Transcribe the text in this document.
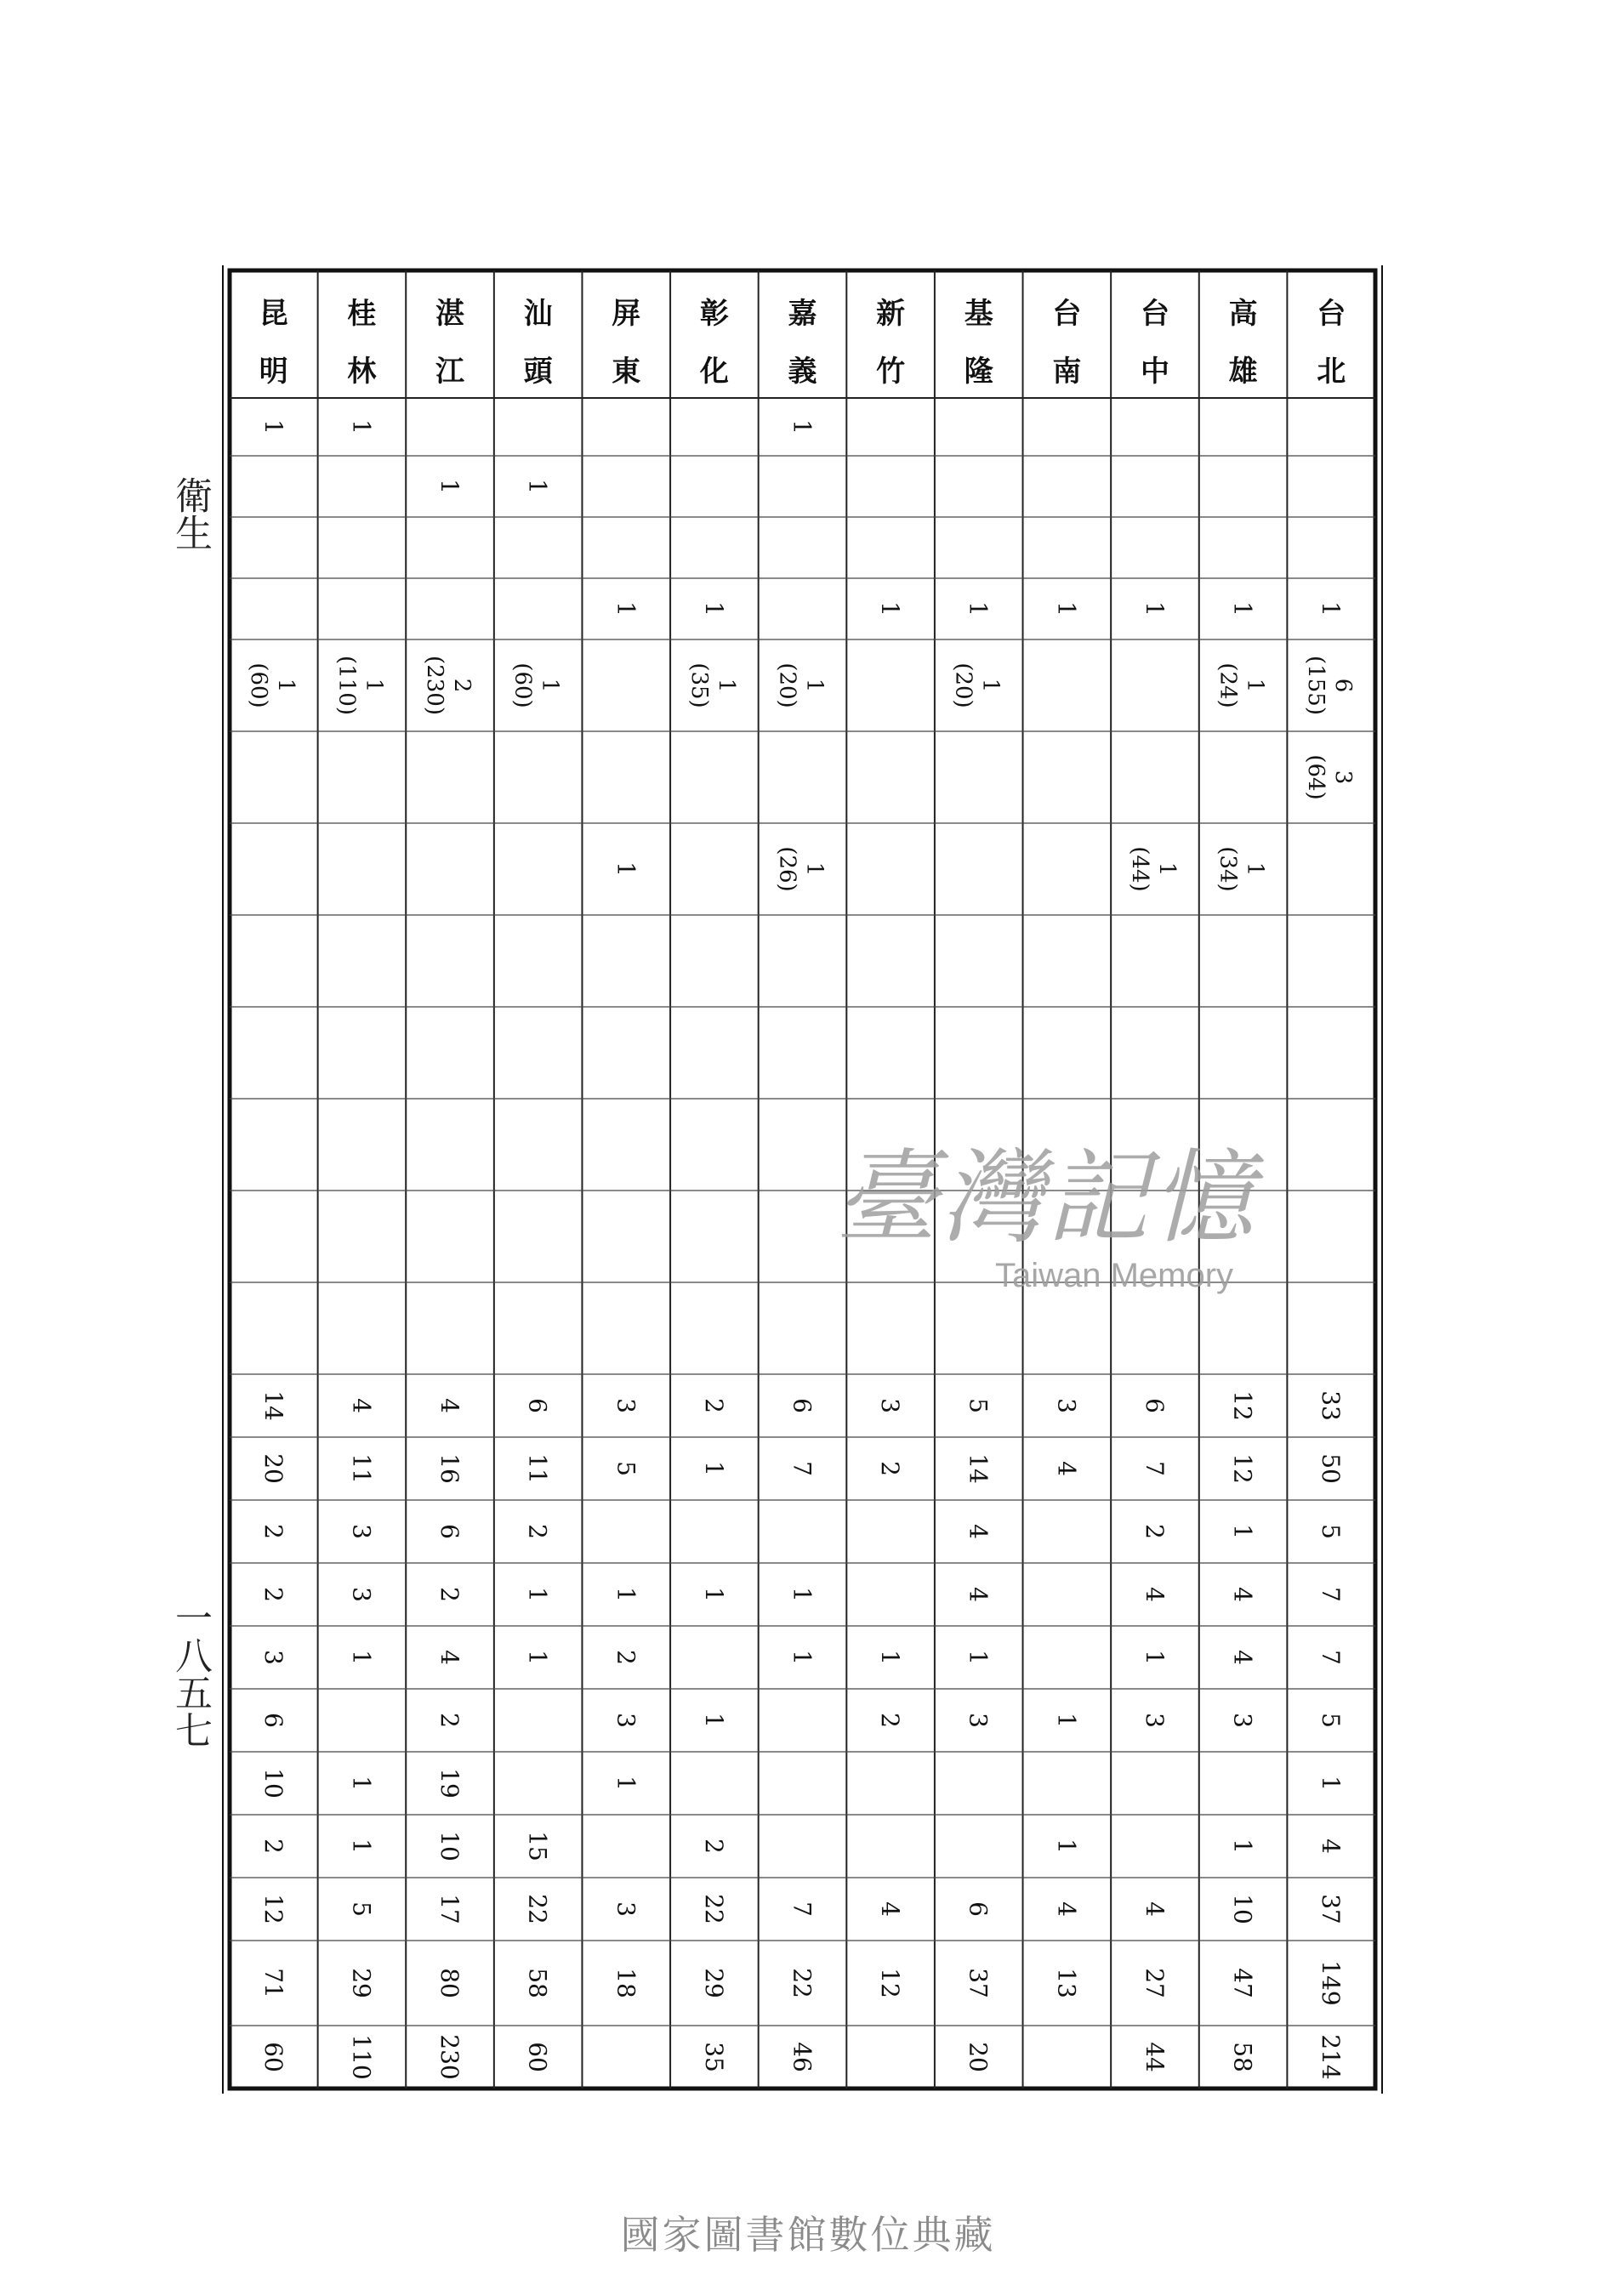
台
北
1
6
(155)
3
(64)
33
50
5
7
7
5
1
4
37
149
214
高
雄
1
1
(24)
1
(34)
12
12
1
4
4
3
1
10
47
58
台
中
1
1
(44)
6
7
2
4
1
3
4
27
44
台
南
1
3
4
1
1
4
13
基
隆
1
1
(20)
5
14
4
4
1
3
6
37
20
新
竹
1
3
2
1
2
4
12
嘉
義
1
1
(20)
1
(26)
6
7
1
1
7
22
46
彰
化
1
1
(35)
2
1
1
1
2
22
29
35
屏
東
1
1
3
5
1
2
3
1
3
18
汕
頭
1
1
(60)
6
11
2
1
1
15
22
58
60
湛
江
1
2
(230)
4
16
6
2
4
2
19
10
17
80
230
桂
林
1
1
(110)
4
11
3
3
1
1
1
5
29
110
昆
明
1
1
(60)
14
20
2
2
3
6
10
2
12
71
60
衛生
一八五七
臺灣記憶
Taiwan Memory
國家圖書館數位典藏
